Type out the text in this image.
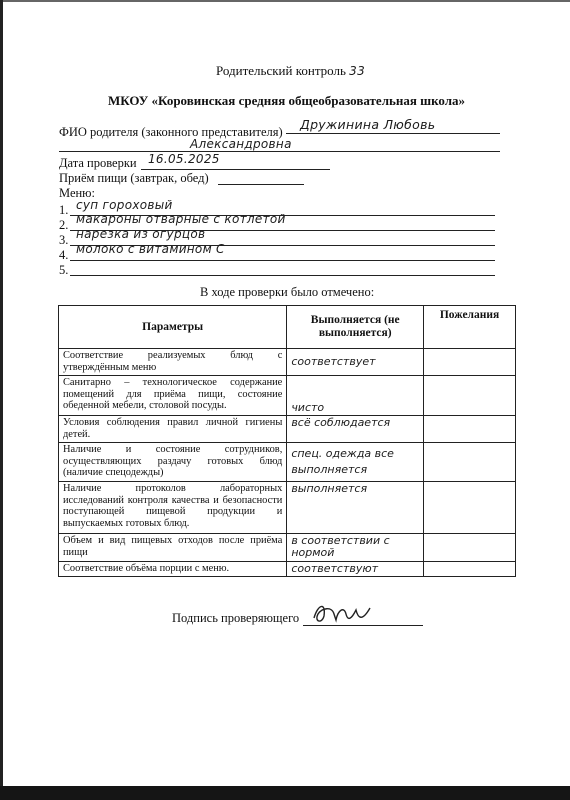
Родительский контроль 33
МКОУ «Коровинская средняя общеобразовательная школа»
ФИО родителя (законного представителя) Дружинина Любовь
Александровна
Дата проверки 16.05.2025
Приём пищи (завтрак, обед)
Меню:
1. суп гороховый
2. макароны отварные с котлетой
3. нарезка из огурцов
4. молоко с витамином С
5.
В ходе проверки было отмечено:
Параметры	Выполняется (не выполняется)	Пожелания
Соответствие реализуемых блюд с утверждённым меню	соответствует	
Санитарно – технологическое содержание помещений для приёма пищи, состояние обеденной мебели, столовой посуды.	чисто	
Условия соблюдения правил личной гигиены детей.	всё соблюдается	
Наличие и состояние сотрудников, осуществляющих раздачу готовых блюд (наличие спецодежды)	спец. одежда все выполняется	
Наличие протоколов лабораторных исследований контроля качества и безопасности поступающей пищевой продукции и выпускаемых готовых блюд.	выполняется	
Объем и вид пищевых отходов после приёма пищи	в соответствии с нормой	
Соответствие объёма порции с меню.	соответствуют	
Подпись проверяющего
